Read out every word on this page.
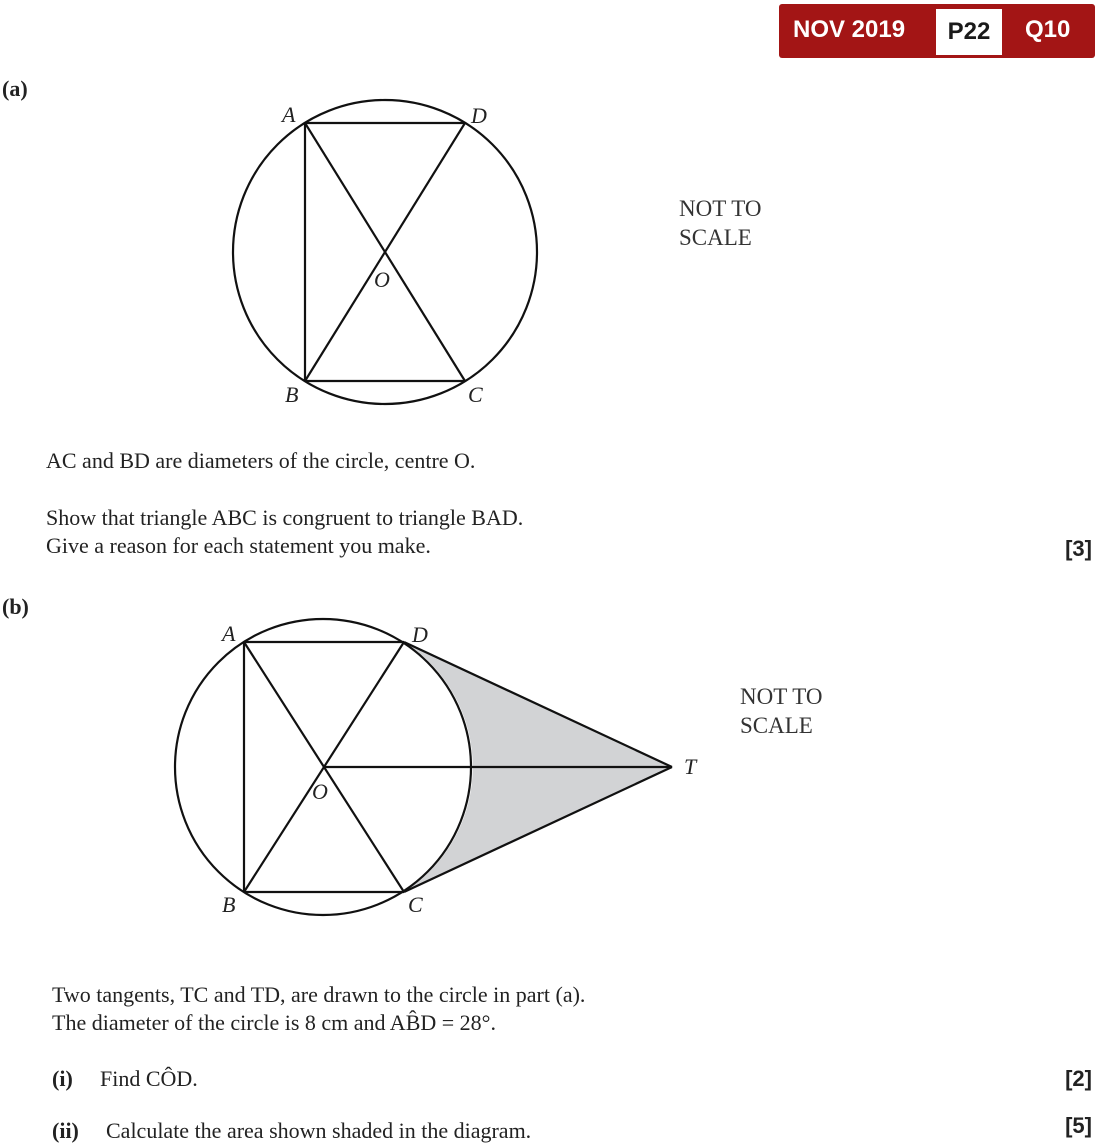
NOV 2019	P22	Q10
(a)
A	D
O
B	C
NOT TO
SCALE
AC and BD are diameters of the circle, centre O.
Show that triangle ABC is congruent to triangle BAD.
Give a reason for each statement you make.	[3]
(b)
A	D
O
T
B	C
NOT TO
SCALE
Two tangents, TC and TD, are drawn to the circle in part (a).
The diameter of the circle is 8 cm and AB̂D = 28°.
(i) Find CÔD.	[2]
(ii) Calculate the area shown shaded in the diagram.	[5]
